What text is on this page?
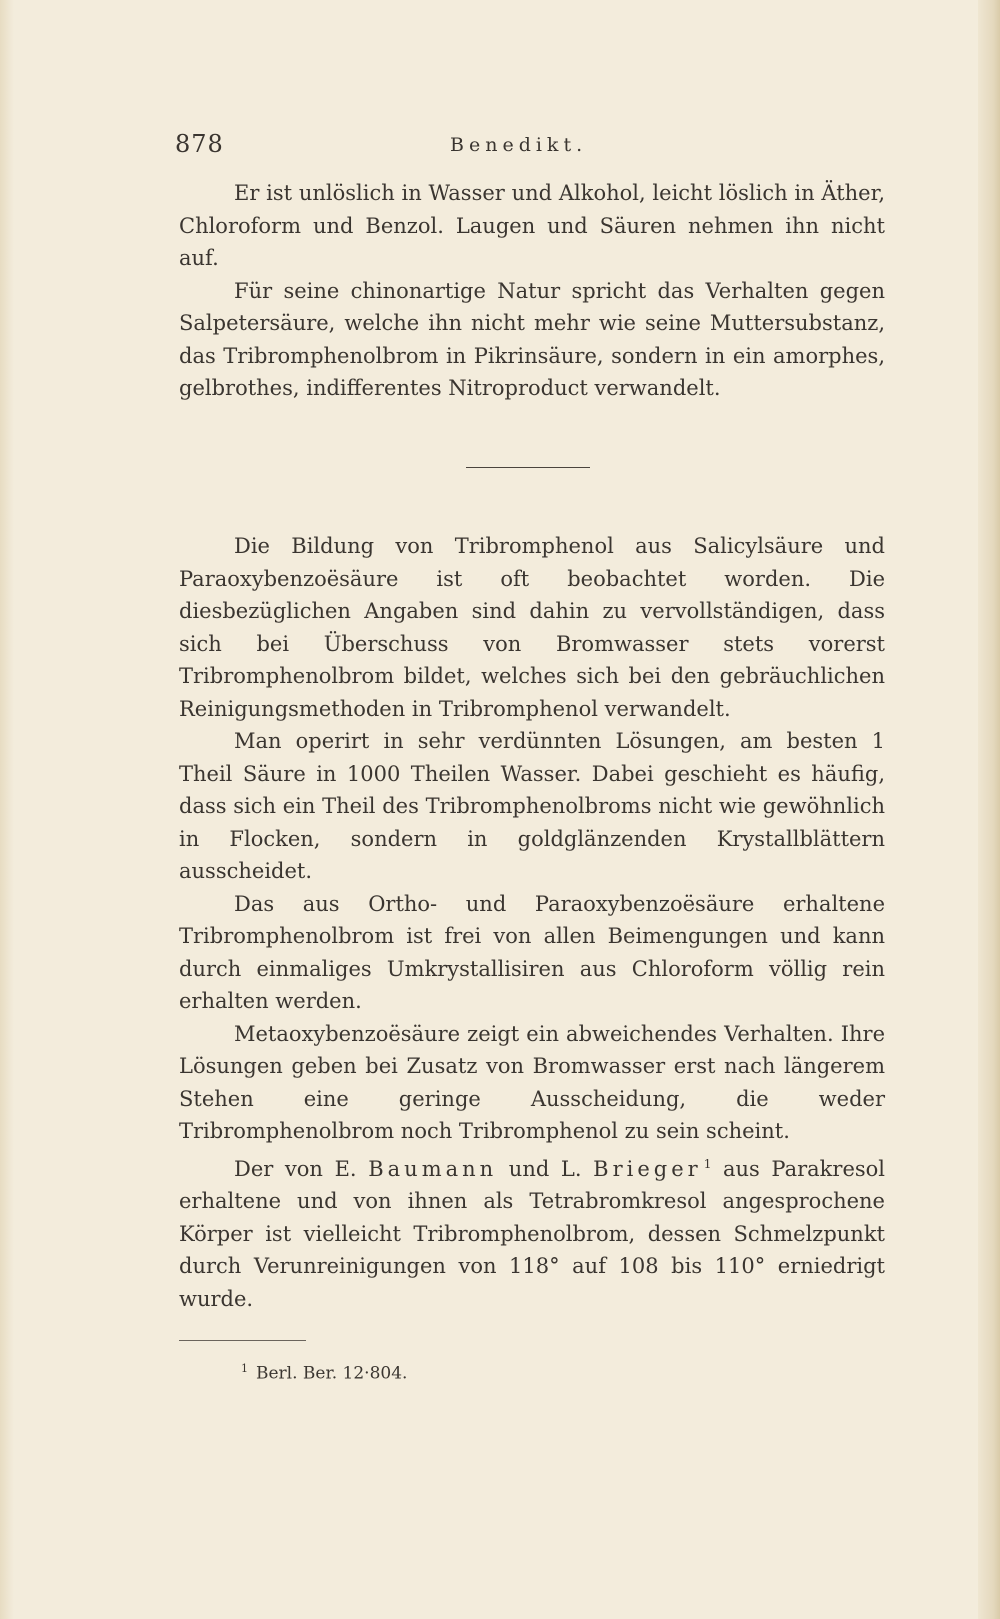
878	Benedikt.

Er ist unlöslich in Wasser und Alkohol, leicht löslich in Äther, Chloroform und Benzol. Laugen und Säuren nehmen ihn nicht auf.

Für seine chinonartige Natur spricht das Verhalten gegen Salpetersäure, welche ihn nicht mehr wie seine Muttersubstanz, das Tribromphenolbrom in Pikrinsäure, sondern in ein amorphes, gelbrothes, indifferentes Nitroproduct verwandelt.

Die Bildung von Tribromphenol aus Salicylsäure und Paraoxybenzoësäure ist oft beobachtet worden. Die diesbezüglichen Angaben sind dahin zu vervollständigen, dass sich bei Überschuss von Bromwasser stets vorerst Tribromphenolbrom bildet, welches sich bei den gebräuchlichen Reinigungsmethoden in Tribromphenol verwandelt.

Man operirt in sehr verdünnten Lösungen, am besten 1 Theil Säure in 1000 Theilen Wasser. Dabei geschieht es häufig, dass sich ein Theil des Tribromphenolbroms nicht wie gewöhnlich in Flocken, sondern in goldglänzenden Krystallblättern ausscheidet.

Das aus Ortho- und Paraoxybenzoësäure erhaltene Tribromphenolbrom ist frei von allen Beimengungen und kann durch einmaliges Umkrystallisiren aus Chloroform völlig rein erhalten werden.

Metaoxybenzoësäure zeigt ein abweichendes Verhalten. Ihre Lösungen geben bei Zusatz von Bromwasser erst nach längerem Stehen eine geringe Ausscheidung, die weder Tribromphenolbrom noch Tribromphenol zu sein scheint.

Der von E. Baumann und L. Brieger $^1$ aus Parakresol erhaltene und von ihnen als Tetrabromkresol angesprochene Körper ist vielleicht Tribromphenolbrom, dessen Schmelzpunkt durch Verunreinigungen von 118° auf 108 bis 110° erniedrigt wurde.

$^1$ Berl. Ber. 12·804.
